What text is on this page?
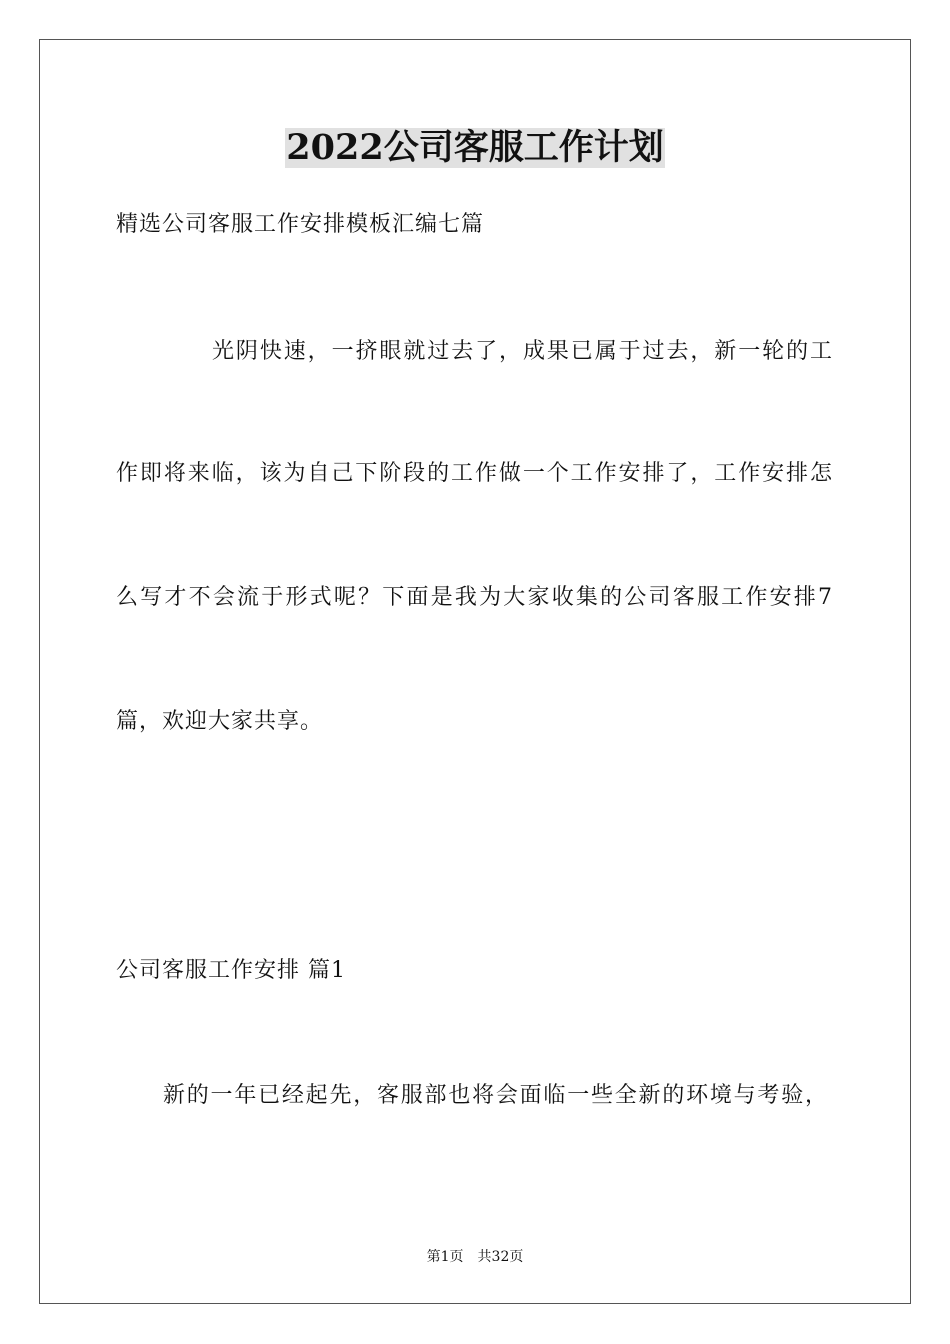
2022公司客服工作计划
精选公司客服工作安排模板汇编七篇
光阴快速，一挤眼就过去了，成果已属于过去，新一轮的工
作即将来临，该为自己下阶段的工作做一个工作安排了，工作安排怎
么写才不会流于形式呢？下面是我为大家收集的公司客服工作安排7
篇，欢迎大家共享。
公司客服工作安排 篇1
新的一年已经起先，客服部也将会面临一些全新的环境与考验，
第1页　共32页
